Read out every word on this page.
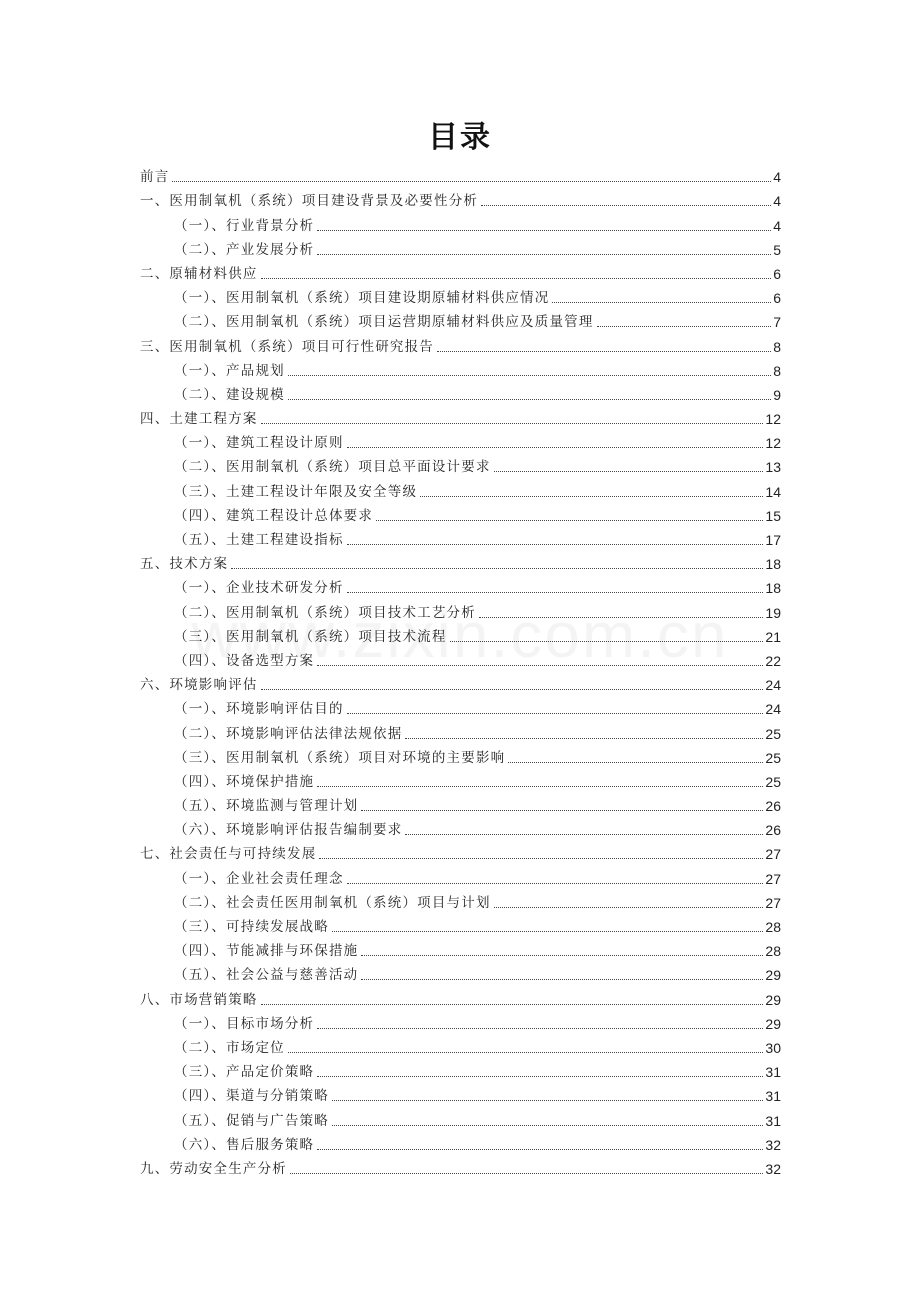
目录
前言	4
一、医用制氧机（系统）项目建设背景及必要性分析	4
（一）、行业背景分析	4
（二）、产业发展分析	5
二、原辅材料供应	6
（一）、医用制氧机（系统）项目建设期原辅材料供应情况	6
（二）、医用制氧机（系统）项目运营期原辅材料供应及质量管理	7
三、医用制氧机（系统）项目可行性研究报告	8
（一）、产品规划	8
（二）、建设规模	9
四、土建工程方案	12
（一）、建筑工程设计原则	12
（二）、医用制氧机（系统）项目总平面设计要求	13
（三）、土建工程设计年限及安全等级	14
（四）、建筑工程设计总体要求	15
（五）、土建工程建设指标	17
五、技术方案	18
（一）、企业技术研发分析	18
（二）、医用制氧机（系统）项目技术工艺分析	19
（三）、医用制氧机（系统）项目技术流程	21
（四）、设备选型方案	22
六、环境影响评估	24
（一）、环境影响评估目的	24
（二）、环境影响评估法律法规依据	25
（三）、医用制氧机（系统）项目对环境的主要影响	25
（四）、环境保护措施	25
（五）、环境监测与管理计划	26
（六）、环境影响评估报告编制要求	26
七、社会责任与可持续发展	27
（一）、企业社会责任理念	27
（二）、社会责任医用制氧机（系统）项目与计划	27
（三）、可持续发展战略	28
（四）、节能减排与环保措施	28
（五）、社会公益与慈善活动	29
八、市场营销策略	29
（一）、目标市场分析	29
（二）、市场定位	30
（三）、产品定价策略	31
（四）、渠道与分销策略	31
（五）、促销与广告策略	31
（六）、售后服务策略	32
九、劳动安全生产分析	32
